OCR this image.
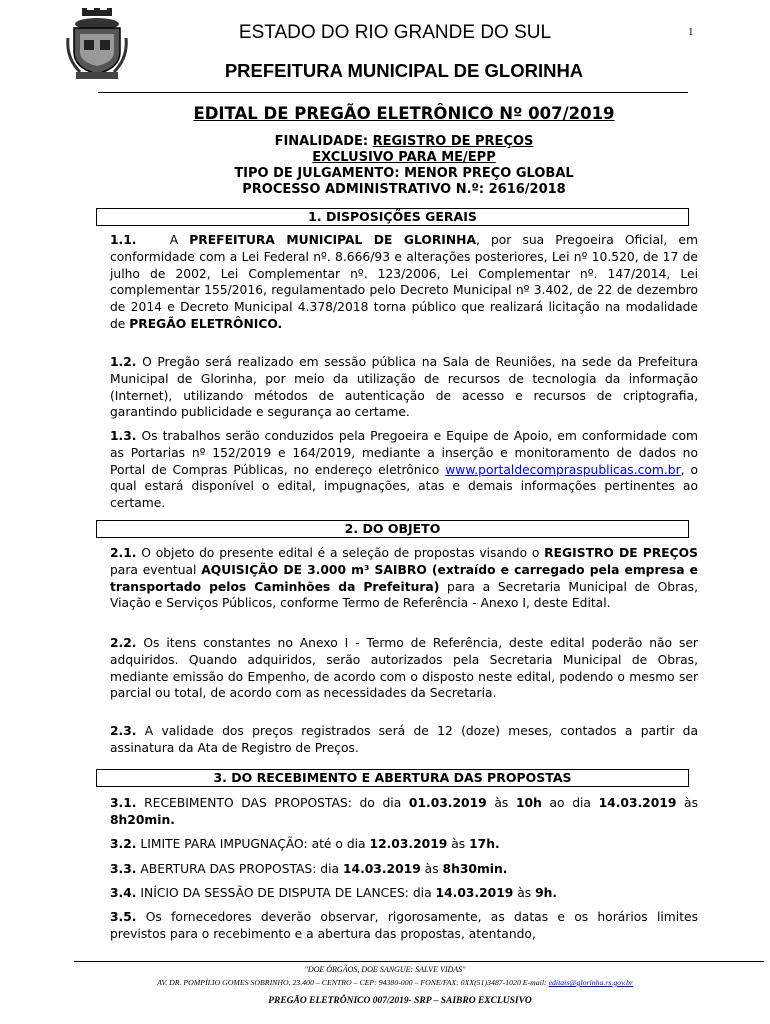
ESTADO DO RIO GRANDE DO SUL	1
PREFEITURA MUNICIPAL DE GLORINHA
EDITAL DE PREGÃO ELETRÔNICO Nº 007/2019
FINALIDADE: REGISTRO DE PREÇOS
EXCLUSIVO PARA ME/EPP
TIPO DE JULGAMENTO: MENOR PREÇO GLOBAL
PROCESSO ADMINISTRATIVO N.º: 2616/2018
1. DISPOSIÇÕES GERAIS
1.1.	A PREFEITURA MUNICIPAL DE GLORINHA, por sua Pregoeira Oficial, em conformidade com a Lei Federal nº. 8.666/93 e alterações posteriores, Lei nº 10.520, de 17 de julho de 2002, Lei Complementar nº. 123/2006, Lei Complementar nº. 147/2014, Lei complementar 155/2016, regulamentado pelo Decreto Municipal nº 3.402, de 22 de dezembro de 2014 e Decreto Municipal 4.378/2018 torna público que realizará licitação na modalidade de PREGÃO ELETRÔNICO.
1.2. O Pregão será realizado em sessão pública na Sala de Reuniões, na sede da Prefeitura Municipal de Glorinha, por meio da utilização de recursos de tecnologia da informação (Internet), utilizando métodos de autenticação de acesso e recursos de criptografia, garantindo publicidade e segurança ao certame.
1.3. Os trabalhos serão conduzidos pela Pregoeira e Equipe de Apoio, em conformidade com as Portarias nº 152/2019 e 164/2019, mediante a inserção e monitoramento de dados no Portal de Compras Públicas, no endereço eletrônico www.portaldecompraspublicas.com.br, o qual estará disponível o edital, impugnações, atas e demais informações pertinentes ao certame.
2. DO OBJETO
2.1. O objeto do presente edital é a seleção de propostas visando o REGISTRO DE PREÇOS para eventual AQUISIÇÃO DE 3.000 m³ SAIBRO (extraído e carregado pela empresa e transportado pelos Caminhões da Prefeitura) para a Secretaria Municipal de Obras, Viação e Serviços Públicos, conforme Termo de Referência - Anexo I, deste Edital.
2.2. Os itens constantes no Anexo I - Termo de Referência, deste edital poderão não ser adquiridos. Quando adquiridos, serão autorizados pela Secretaria Municipal de Obras, mediante emissão do Empenho, de acordo com o disposto neste edital, podendo o mesmo ser parcial ou total, de acordo com as necessidades da Secretaria.
2.3. A validade dos preços registrados será de 12 (doze) meses, contados a partir da assinatura da Ata de Registro de Preços.
3. DO RECEBIMENTO E ABERTURA DAS PROPOSTAS
3.1. RECEBIMENTO DAS PROPOSTAS: do dia 01.03.2019 às 10h ao dia 14.03.2019 às 8h20min.
3.2. LIMITE PARA IMPUGNAÇÃO: até o dia 12.03.2019 às 17h.
3.3. ABERTURA DAS PROPOSTAS: dia 14.03.2019 às 8h30min.
3.4. INÍCIO DA SESSÃO DE DISPUTA DE LANCES: dia 14.03.2019 às 9h.
3.5. Os fornecedores deverão observar, rigorosamente, as datas e os horários limites previstos para o recebimento e a abertura das propostas, atentando,
"DOE ÓRGÃOS, DOE SANGUE: SALVE VIDAS"
AV. DR. POMPÍLIO GOMES SOBRINHO, 23.400 – CENTRO – CEP: 94380-000 – FONE/FAX: 0XX(51)3487-1020 E-mail: editais@glorinha.rs.gov.br
PREGÃO ELETRÔNICO 007/2019- SRP – SAIBRO EXCLUSIVO
